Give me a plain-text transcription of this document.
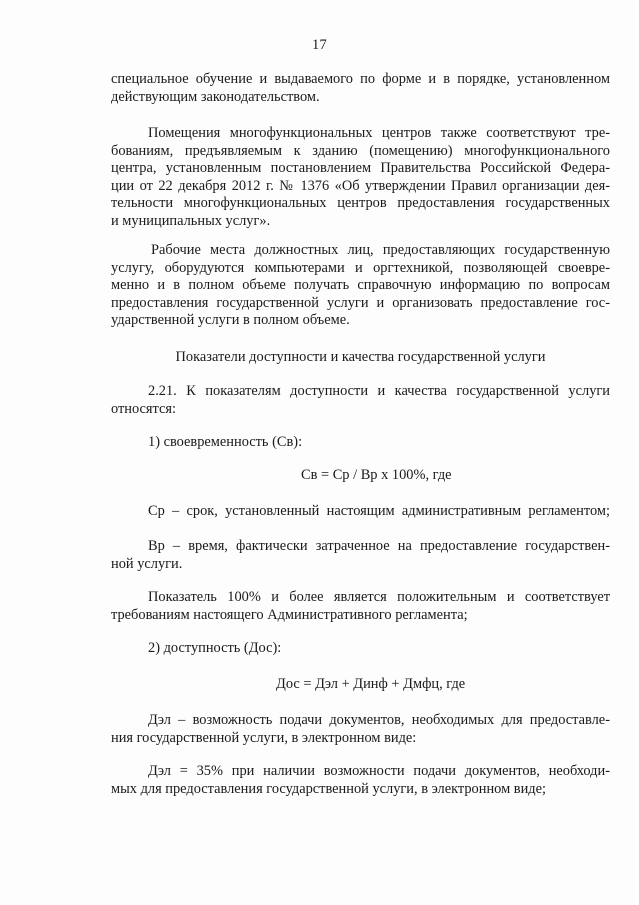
17
специальное обучение и выдаваемого по форме и в порядке, установленном
действующим законодательством.
Помещения многофункциональных центров также соответствуют тре-
бованиям, предъявляемым к зданию (помещению) многофункционального
центра, установленным постановлением Правительства Российской Федера-
ции от 22 декабря 2012 г. № 1376 «Об утверждении Правил организации дея-
тельности многофункциональных центров предоставления государственных
и муниципальных услуг».
Рабочие места должностных лиц, предоставляющих государственную
услугу, оборудуются компьютерами и оргтехникой, позволяющей своевре-
менно и в полном объеме получать справочную информацию по вопросам
предоставления государственной услуги и организовать предоставление гос-
ударственной услуги в полном объеме.
Показатели доступности и качества государственной услуги
2.21. К показателям доступности и качества государственной услуги
относятся:
1) своевременность (Св):
Св = Ср / Вр х 100%, где
Ср – срок, установленный настоящим административным регламентом;
Вр – время, фактически затраченное на предоставление государствен-
ной услуги.
Показатель 100% и более является положительным и соответствует
требованиям настоящего Административного регламента;
2) доступность (Дос):
Дос = Дэл + Динф + Дмфц, где
Дэл – возможность подачи документов, необходимых для предоставле-
ния государственной услуги, в электронном виде:
Дэл = 35% при наличии возможности подачи документов, необходи-
мых для предоставления государственной услуги, в электронном виде;
